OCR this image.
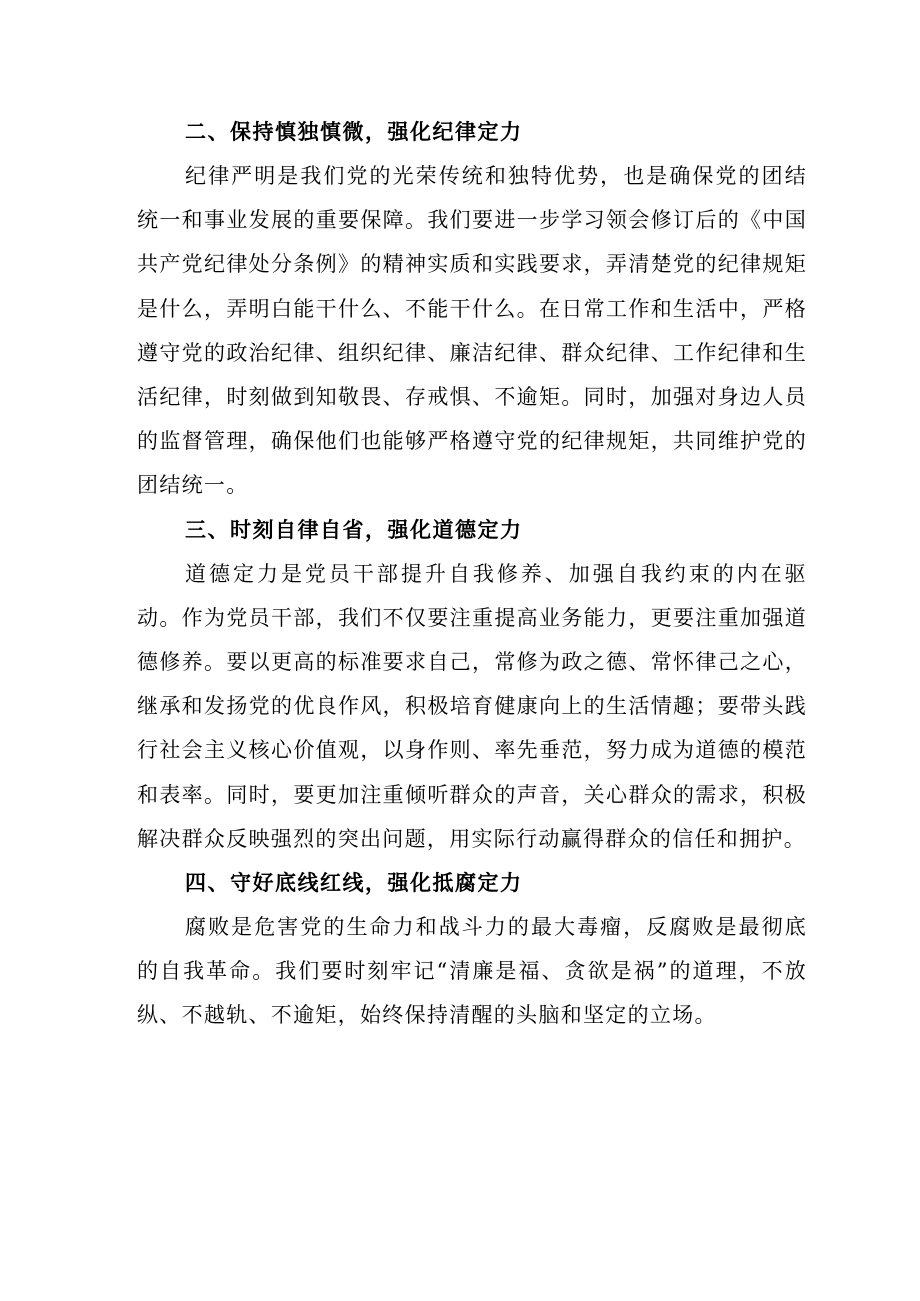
二、保持慎独慎微，强化纪律定力
纪律严明是我们党的光荣传统和独特优势，也是确保党的团结统一和事业发展的重要保障。我们要进一步学习领会修订后的《中国共产党纪律处分条例》的精神实质和实践要求，弄清楚党的纪律规矩是什么，弄明白能干什么、不能干什么。在日常工作和生活中，严格遵守党的政治纪律、组织纪律、廉洁纪律、群众纪律、工作纪律和生活纪律，时刻做到知敬畏、存戒惧、不逾矩。同时，加强对身边人员的监督管理，确保他们也能够严格遵守党的纪律规矩，共同维护党的团结统一。
三、时刻自律自省，强化道德定力
道德定力是党员干部提升自我修养、加强自我约束的内在驱动。作为党员干部，我们不仅要注重提高业务能力，更要注重加强道德修养。要以更高的标准要求自己，常修为政之德、常怀律己之心，继承和发扬党的优良作风，积极培育健康向上的生活情趣；要带头践行社会主义核心价值观，以身作则、率先垂范，努力成为道德的模范和表率。同时，要更加注重倾听群众的声音，关心群众的需求，积极解决群众反映强烈的突出问题，用实际行动赢得群众的信任和拥护。
四、守好底线红线，强化抵腐定力
腐败是危害党的生命力和战斗力的最大毒瘤，反腐败是最彻底的自我革命。我们要时刻牢记“清廉是福、贪欲是祸”的道理，不放纵、不越轨、不逾矩，始终保持清醒的头脑和坚定的立场。
